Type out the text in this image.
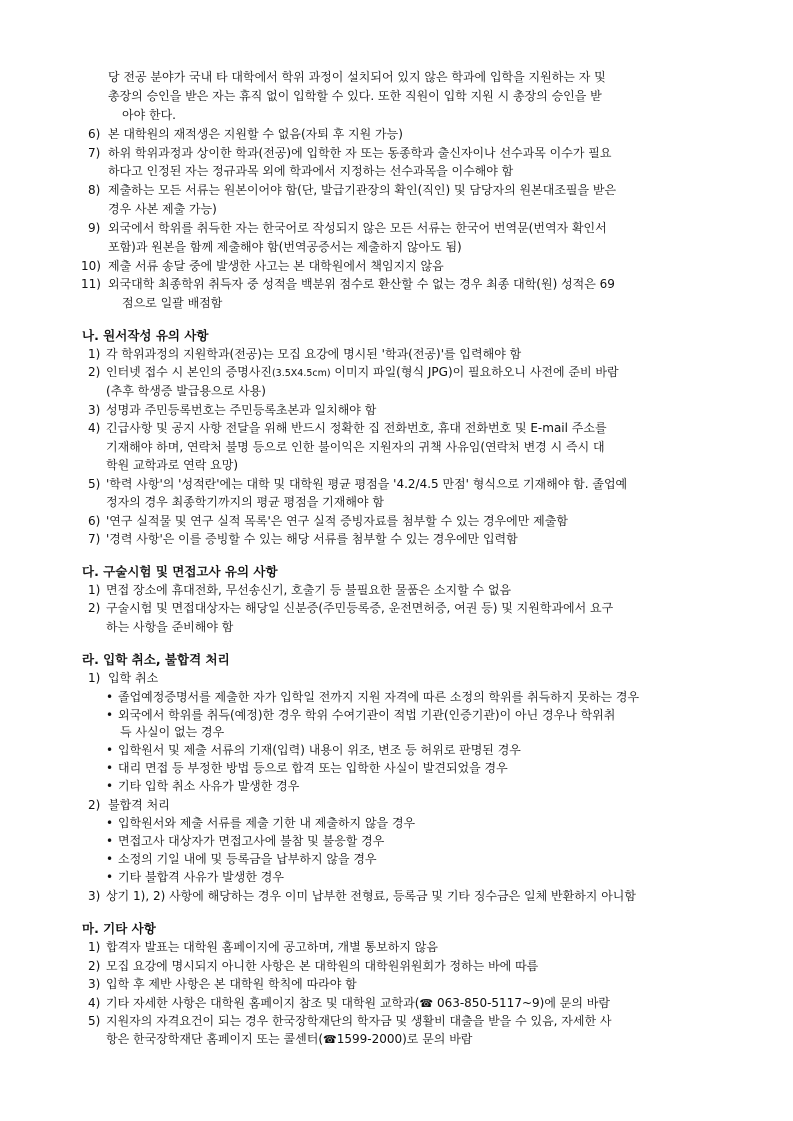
당 전공 분야가 국내 타 대학에서 학위 과정이 설치되어 있지 않은 학과에 입학을 지원하는 자 및
총장의 승인을 받은 자는 휴직 없이 입학할 수 있다. 또한 직원이 입학 지원 시 총장의 승인을 받
아야 한다.
6) 본 대학원의 재적생은 지원할 수 없음(자퇴 후 지원 가능)
7) 하위 학위과정과 상이한 학과(전공)에 입학한 자 또는 동종학과 출신자이나 선수과목 이수가 필요
하다고 인정된 자는 정규과목 외에 학과에서 지정하는 선수과목을 이수해야 함
8) 제출하는 모든 서류는 원본이어야 함(단, 발급기관장의 확인(직인) 및 담당자의 원본대조필을 받은
경우 사본 제출 가능)
9) 외국에서 학위를 취득한 자는 한국어로 작성되지 않은 모든 서류는 한국어 번역문(번역자 확인서
포함)과 원본을 함께 제출해야 함(번역공증서는 제출하지 않아도 됨)
10) 제출 서류 송달 중에 발생한 사고는 본 대학원에서 책임지지 않음
11) 외국대학 최종학위 취득자 중 성적을 백분위 점수로 환산할 수 없는 경우 최종 대학(원) 성적은 69
점으로 일괄 배점함
나. 원서작성 유의 사항
1) 각 학위과정의 지원학과(전공)는 모집 요강에 명시된 '학과(전공)'를 입력해야 함
2) 인터넷 접수 시 본인의 증명사진(3.5X4.5cm) 이미지 파일(형식 JPG)이 필요하오니 사전에 준비 바람
(추후 학생증 발급용으로 사용)
3) 성명과 주민등록번호는 주민등록초본과 일치해야 함
4) 긴급사항 및 공지 사항 전달을 위해 반드시 정확한 집 전화번호, 휴대 전화번호 및 E-mail 주소를
기재해야 하며, 연락처 불명 등으로 인한 불이익은 지원자의 귀책 사유임(연락처 변경 시 즉시 대
학원 교학과로 연락 요망)
5) '학력 사항'의 '성적란'에는 대학 및 대학원 평균 평점을 '4.2/4.5 만점' 형식으로 기재해야 함. 졸업예
정자의 경우 최종학기까지의 평균 평점을 기재해야 함
6) '연구 실적물 및 연구 실적 목록'은 연구 실적 증빙자료를 첨부할 수 있는 경우에만 제출함
7) '경력 사항'은 이를 증빙할 수 있는 해당 서류를 첨부할 수 있는 경우에만 입력함
다. 구술시험 및 면접고사 유의 사항
1) 면접 장소에 휴대전화, 무선송신기, 호출기 등 불필요한 물품은 소지할 수 없음
2) 구술시험 및 면접대상자는 해당일 신분증(주민등록증, 운전면허증, 여권 등) 및 지원학과에서 요구
하는 사항을 준비해야 함
라. 입학 취소, 불합격 처리
1) 입학 취소
• 졸업예정증명서를 제출한 자가 입학일 전까지 지원 자격에 따른 소정의 학위를 취득하지 못하는 경우
• 외국에서 학위를 취득(예정)한 경우 학위 수여기관이 적법 기관(인증기관)이 아닌 경우나 학위취
득 사실이 없는 경우
• 입학원서 및 제출 서류의 기재(입력) 내용이 위조, 변조 등 허위로 판명된 경우
• 대리 면접 등 부정한 방법 등으로 합격 또는 입학한 사실이 발견되었을 경우
• 기타 입학 취소 사유가 발생한 경우
2) 불합격 처리
• 입학원서와 제출 서류를 제출 기한 내 제출하지 않을 경우
• 면접고사 대상자가 면접고사에 불참 및 불응할 경우
• 소정의 기일 내에 및 등록금을 납부하지 않을 경우
• 기타 불합격 사유가 발생한 경우
3) 상기 1), 2) 사항에 해당하는 경우 이미 납부한 전형료, 등록금 및 기타 징수금은 일체 반환하지 아니함
마. 기타 사항
1) 합격자 발표는 대학원 홈페이지에 공고하며, 개별 통보하지 않음
2) 모집 요강에 명시되지 아니한 사항은 본 대학원의 대학원위원회가 정하는 바에 따름
3) 입학 후 제반 사항은 본 대학원 학칙에 따라야 함
4) 기타 자세한 사항은 대학원 홈페이지 참조 및 대학원 교학과(☎ 063-850-5117~9)에 문의 바람
5) 지원자의 자격요건이 되는 경우 한국장학재단의 학자금 및 생활비 대출을 받을 수 있음, 자세한 사
항은 한국장학재단 홈페이지 또는 콜센터(☎1599-2000)로 문의 바람
